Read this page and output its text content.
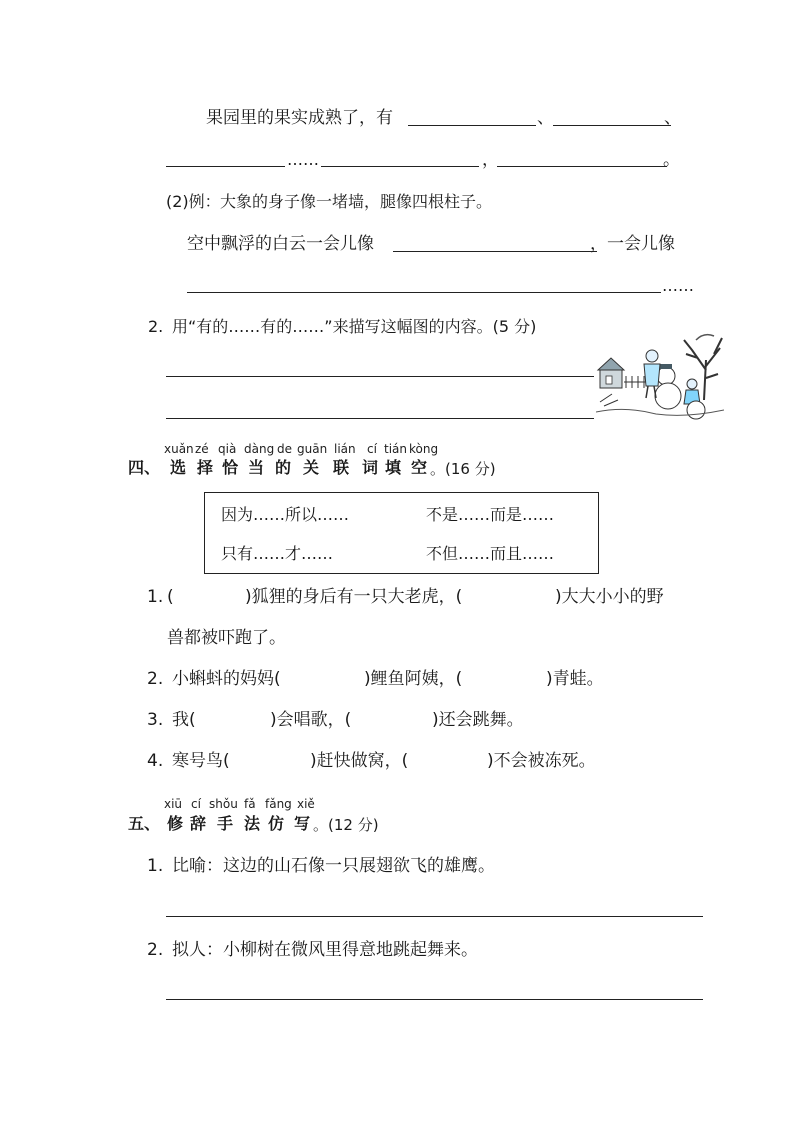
果园里的果实成熟了，有	、	、
……	，	。
(2)例： 大象的身子像一堵墙，腿像四根柱子。
空中飘浮的白云一会儿像	，一会儿像
……
2. 用“有的……有的……”来描写这幅图的内容。(5 分)
xuǎn zé qià dàng de guān lián cí tián kòng
四、 选 择 恰 当 的 关 联 词 填 空 。(16 分)
因为……所以……	不是……而是……
只有……才……	不但……而且……
1. (	)狐狸的身后有一只大老虎，(	)大大小小的野
兽都被吓跑了。
2. 小蝌蚪的妈妈(	)鲤鱼阿姨，(	)青蛙。
3. 我(	)会唱歌，(	)还会跳舞。
4. 寒号鸟(	)赶快做窝，(	)不会被冻死。
xiū cí shǒu fǎ fǎng xiě
五、 修 辞 手 法 仿 写 。(12 分)
1. 比喻：这边的山石像一只展翅欲飞的雄鹰。
2. 拟人：小柳树在微风里得意地跳起舞来。
